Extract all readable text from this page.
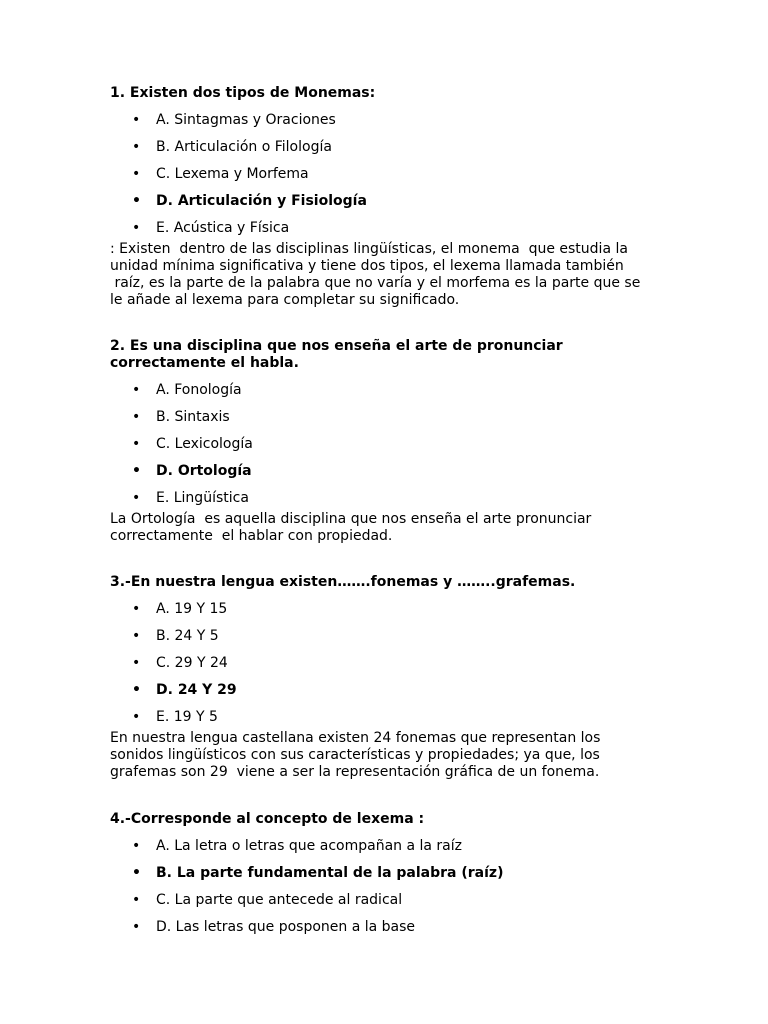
1. Existen dos tipos de Monemas:

• A. Sintagmas y Oraciones
• B. Articulación o Filología
• C. Lexema y Morfema
• D. Articulación y Fisiología
• E. Acústica y Física

: Existen  dentro de las disciplinas lingüísticas, el monema  que estudia la
unidad mínima significativa y tiene dos tipos, el lexema llamada también
raíz, es la parte de la palabra que no varía y el morfema es la parte que se
le añade al lexema para completar su significado.

2. Es una disciplina que nos enseña el arte de pronunciar
correctamente el habla.

• A. Fonología
• B. Sintaxis
• C. Lexicología
• D. Ortología
• E. Lingüística

La Ortología  es aquella disciplina que nos enseña el arte pronunciar
correctamente  el hablar con propiedad.

3.-En nuestra lengua existen…….fonemas y ……..grafemas.

• A. 19 Y 15
• B. 24 Y 5
• C. 29 Y 24
• D. 24 Y 29
• E. 19 Y 5

En nuestra lengua castellana existen 24 fonemas que representan los
sonidos lingüísticos con sus características y propiedades; ya que, los
grafemas son 29  viene a ser la representación gráfica de un fonema.

4.-Corresponde al concepto de lexema :

• A. La letra o letras que acompañan a la raíz
• B. La parte fundamental de la palabra (raíz)
• C. La parte que antecede al radical
• D. Las letras que posponen a la base
